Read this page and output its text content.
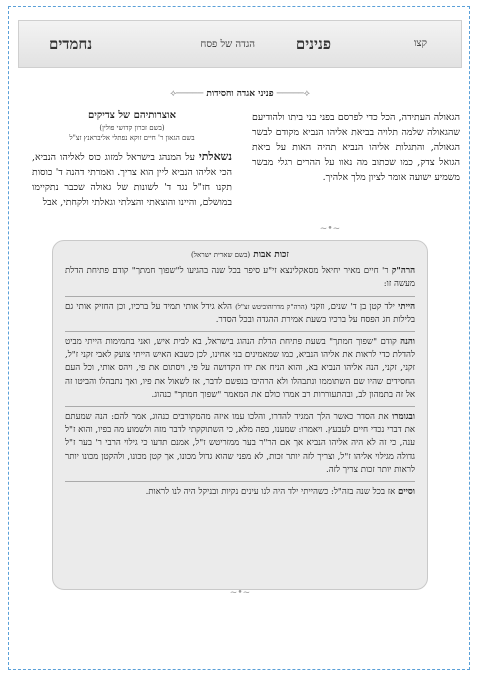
קצו
פנינים
הגדה של פסח
נחמדים
⟡───── פניני אגדה וחסידות ─────⟡
הגאולה העתידה, הכל כדי לפרסם בפני בני ביתו ולהודיעם שהגאולה שלמה תלויה בביאת אליהו הנביא מקודם לבשר הגאולה, והתגלות אליהו הנביא תהיה האות על ביאת הגואל צדק, כמו שכתוב מה נאוו על ההרים רגלי מבשר משמיע ישועה אומר לציון מלך אלהיך.
אוצרותיהם של צדיקים
(בשם זכרון קדושי פולין)
בשם הגאון ר' חיים זוקא נפתלי אליבראנץ זצ"ל
נשאלתי על המנהג בישראל למזוג כוס לאליהו הנביא, הכי אליהו הנביא ליין הוא צריך. ואמרתי דהנה ד' כוסות תקנו חז"ל נגד ד' לשונות של גאולה שכבר נתקיימו במושלם, והיינו והוצאתי והצלתי וגאלתי ולקחתי, אבל
~•~
זכות אבות (בשם שארית ישראל)

הרה"ק ר' חיים מאיר יחיאל מסאקלינצא זי"ע סיפר בכל שנה בהגיעו ל"שפוך חמתך" קודם פתיחת הדלת מעשה זו:

הייתי ילד קטן בן ד' שנים, וזקני (הרה"ק מדרוהוביטש זצ"ל) הלא גידל אותי תמיד על ברכיו, וכן החזיק אותי גם בלילות חג הפסח על ברכיו בשעת אמירת ההגדה ובכל הסדר.

והנה קודם "שפוך חמתך" בשעת פתיחת הדלת הנהוג בישראל, בא לבית איש, ואני בתמימות הייתי מביט להדלת כדי לראות את אליהו הנביא, כמו שמאמינים בני אחינו, לכן כשבא האיש הייתי צועק לאבי זקני ז"ל, זקני, זקני, הנה אליהו הנביא בא, והוא הניח את ידו הקדושה על פי, ויסתום את פי, ויהס אותי, וכל העם החסידים שהיו שם השתוממו ונתבהלו ולא הרהיבו בנפשם לדבר, אז לשאול את פיו, ואך נתבהלו והביטו זה אל זה בתמהון לב, ובהתעוררות רב אמרו כולם את המאמר "שפוך חמתך" כנהוג.

ובגומרו את הסדר כאשר הלך המגיד להדרו, והלכו עמו איזה מהמקורבים כנהוג, אמר להם: הנה שמעתם את דברי נכדי חיים לעבעץ. ויאמרו: שמענו, בפה מלא, כי השתוקקתי לדבר מזה ולשמוע מה בפיו, והוא ז"ל ענה, כי זה לא היה אליהו הנביא אך אם הר"ר בער ממזריטש ז"ל, אמנם תדעו כי גילוי הרבי ר' בער ז"ל גדולה מגילוי אליהו ז"ל, וצריך לזה יותר זכות, לא מפני שהוא גדול מכונו, אך קטן מכונו, ולהקטן מכונו יותר לראות יותר זכות צריך לזה.

וסיים אז בכל שנה בזה"ל: כשהייתי ילד היה לנו עינים נקיות ובניקל היה לנו לראות.

~•~
